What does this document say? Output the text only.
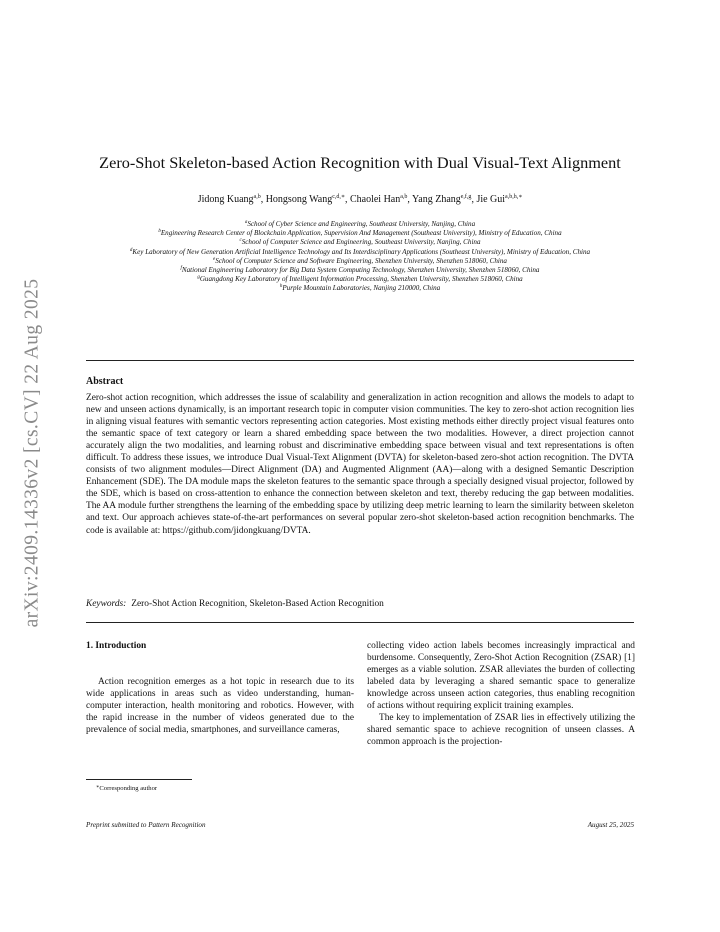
arXiv:2409.14336v2 [cs.CV] 22 Aug 2025
Zero-Shot Skeleton-based Action Recognition with Dual Visual-Text Alignment
Jidong Kuang$^{a,b}$, Hongsong Wang$^{c,d,∗}$, Chaolei Han$^{a,b}$, Yang Zhang$^{e,f,g}$, Jie Gui$^{a,b,h,∗}$
$^a$School of Cyber Science and Engineering, Southeast University, Nanjing, China
$^b$Engineering Research Center of Blockchain Application, Supervision And Management (Southeast University), Ministry of Education, China
$^c$School of Computer Science and Engineering, Southeast University, Nanjing, China
$^d$Key Laboratory of New Generation Artificial Intelligence Technology and Its Interdisciplinary Applications (Southeast University), Ministry of Education, China
$^e$School of Computer Science and Software Engineering, Shenzhen University, Shenzhen 518060, China
$^f$National Engineering Laboratory for Big Data System Computing Technology, Shenzhen University, Shenzhen 518060, China
$^g$Guangdong Key Laboratory of Intelligent Information Processing, Shenzhen University, Shenzhen 518060, China
$^h$Purple Mountain Laboratories, Nanjing 210000, China
Abstract
Zero-shot action recognition, which addresses the issue of scalability and generalization in action recognition and allows the models to adapt to new and unseen actions dynamically, is an important research topic in computer vision communities. The key to zero-shot action recognition lies in aligning visual features with semantic vectors representing action categories. Most existing methods either directly project visual features onto the semantic space of text category or learn a shared embedding space between the two modalities. However, a direct projection cannot accurately align the two modalities, and learning robust and discriminative embedding space between visual and text representations is often difficult. To address these issues, we introduce Dual Visual-Text Alignment (DVTA) for skeleton-based zero-shot action recognition. The DVTA consists of two alignment modules—Direct Alignment (DA) and Augmented Alignment (AA)—along with a designed Semantic Description Enhancement (SDE). The DA module maps the skeleton features to the semantic space through a specially designed visual projector, followed by the SDE, which is based on cross-attention to enhance the connection between skeleton and text, thereby reducing the gap between modalities. The AA module further strengthens the learning of the embedding space by utilizing deep metric learning to learn the similarity between skeleton and text. Our approach achieves state-of-the-art performances on several popular zero-shot skeleton-based action recognition benchmarks. The code is available at: https://github.com/jidongkuang/DVTA.
Keywords: Zero-Shot Action Recognition, Skeleton-Based Action Recognition
1. Introduction

Action recognition emerges as a hot topic in research due to its wide applications in areas such as video understanding, human-computer interaction, health monitoring and robotics. However, with the rapid increase in the number of videos generated due to the prevalence of social media, smartphones, and surveillance cameras,

collecting video action labels becomes increasingly impractical and burdensome. Consequently, Zero-Shot Action Recognition (ZSAR) [1] emerges as a viable solution. ZSAR alleviates the burden of collecting labeled data by leveraging a shared semantic space to generalize knowledge across unseen action categories, thus enabling recognition of actions without requiring explicit training examples.

The key to implementation of ZSAR lies in effectively utilizing the shared semantic space to achieve recognition of unseen classes. A common approach is the projection-

∗Corresponding author
Preprint submitted to Pattern Recognition	August 25, 2025
